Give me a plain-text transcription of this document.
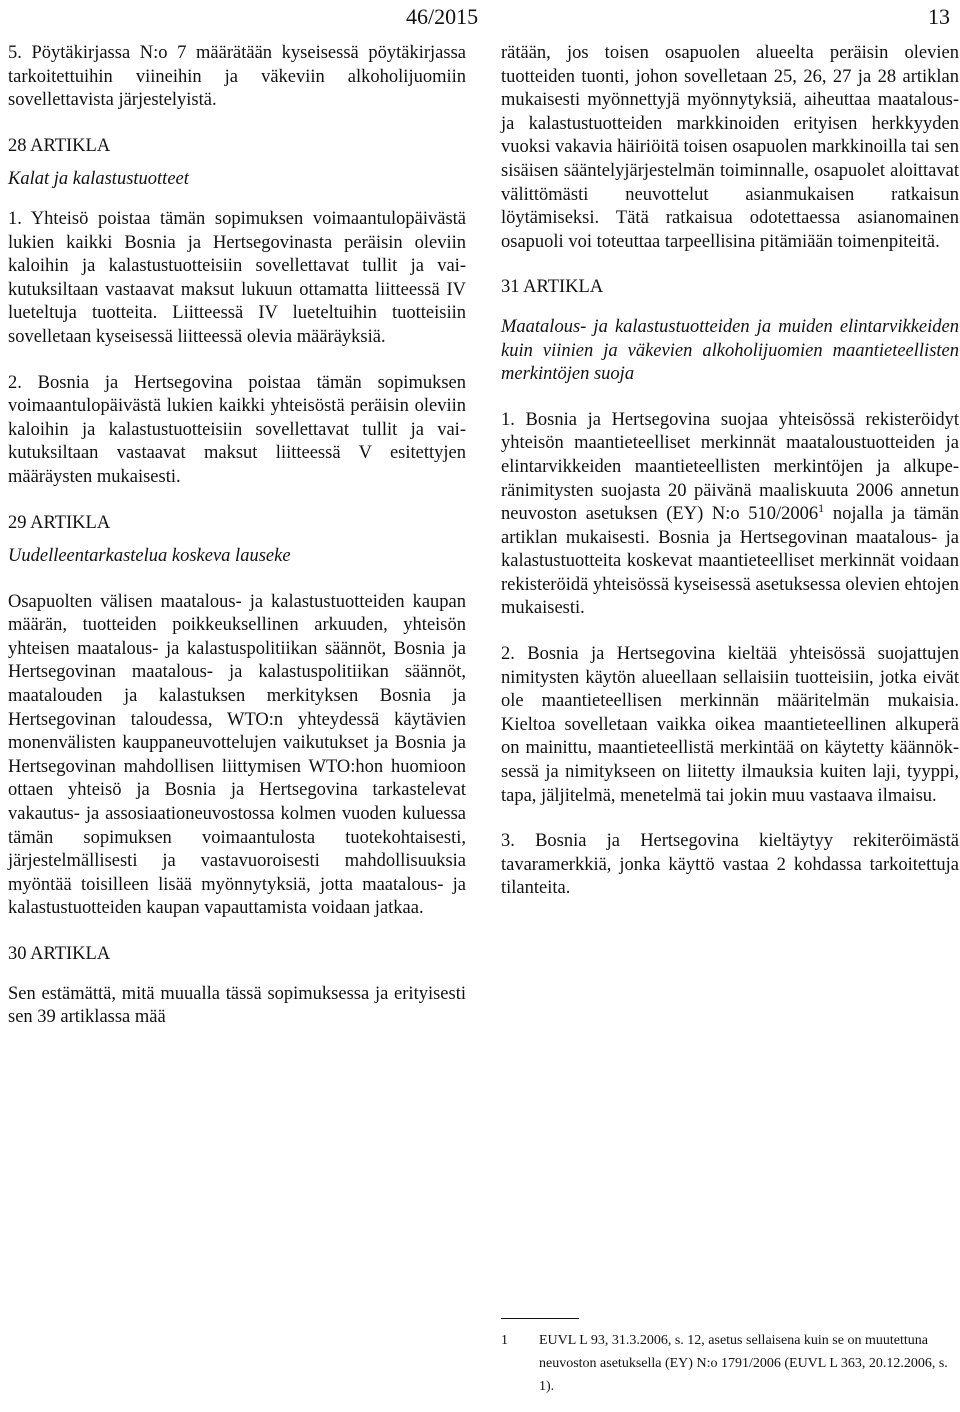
46/2015	13

5. Pöytäkirjassa N:o 7 määrätään kyseisessä pöytäkirjassa tarkoitettuihin viineihin ja väkeviin alkoholijuomiin sovellettavista järjestelyistä.

28 ARTIKLA

Kalat ja kalastustuotteet

1. Yhteisö poistaa tämän sopimuksen voimaantulopäivästä lukien kaikki Bosnia ja Hertsegovinasta peräisin oleviin kaloihin ja kalastustuotteisiin sovellettavat tullit ja vaikutuksiltaan vastaavat maksut lukuun ottamatta liitteessä IV lueteltuja tuotteita. Liitteessä IV lueteltuihin tuotteisiin sovelletaan kyseisessä liitteessä olevia määräyksiä.

2. Bosnia ja Hertsegovina poistaa tämän sopimuksen voimaantulopäivästä lukien kaikki yhteisöstä peräisin oleviin kaloihin ja kalastustuotteisiin sovellettavat tullit ja vaikutuksiltaan vastaavat maksut liitteessä V esitettyjen määräysten mukaisesti.

29 ARTIKLA

Uudelleentarkastelua koskeva lauseke

Osapuolten välisen maatalous- ja kalastustuotteiden kaupan määrän, tuotteiden poikkeuksellinen arkuuden, yhteisön yhteisen maatalous- ja kalastuspolitiikan säännöt, Bosnia ja Hertsegovinan maatalous- ja kalastuspolitiikan säännöt, maatalouden ja kalastuksen merkityksen Bosnia ja Hertsegovinan taloudessa, WTO:n yhteydessä käytävien monenvälisten kauppaneuvottelujen vaikutukset ja Bosnia ja Hertsegovinan mahdollisen liittymisen WTO:hon huomioon ottaen yhteisö ja Bosnia ja Hertsegovina tarkastelevat vakautus- ja assosiaationeuvostossa kolmen vuoden kuluessa tämän sopimuksen voimaantulosta tuotekohtaisesti, järjestelmällisesti ja vastavuoroisesti mahdollisuuksia myöntää toisilleen lisää myönnytyksiä, jotta maatalous- ja kalastustuotteiden kaupan vapauttamista voidaan jatkaa.

30 ARTIKLA

Sen estämättä, mitä muualla tässä sopimuksessa ja erityisesti sen 39 artiklassa mää

rätään, jos toisen osapuolen alueelta peräisin olevien tuotteiden tuonti, johon sovelletaan 25, 26, 27 ja 28 artiklan mukaisesti myönnettyjä myönnytyksiä, aiheuttaa maatalous- ja kalastustuotteiden markkinoiden erityisen herkkyyden vuoksi vakavia häiriöitä toisen osapuolen markkinoilla tai sen sisäisen sääntelyjärjestelmän toiminnalle, osapuolet aloittavat välittömästi neuvottelut asianmukaisen ratkaisun löytämiseksi. Tätä ratkaisua odotettaessa asianomainen osapuoli voi toteuttaa tarpeellisina pitämiään toimenpiteitä.

31 ARTIKLA

Maatalous- ja kalastustuotteiden ja muiden elintarvikkeiden kuin viinien ja väkevien alkoholijuomien maantieteellisten merkintöjen suoja

1. Bosnia ja Hertsegovina suojaa yhteisössä rekisteröidyt yhteisön maantieteelliset merkinnät maataloustuotteiden ja elintarvikkeiden maantieteellisten merkintöjen ja alkuperänimitysten suojasta 20 päivänä maaliskuuta 2006 annetun neuvoston asetuksen (EY) N:o 510/2006$^1$ nojalla ja tämän artiklan mukaisesti. Bosnia ja Hertsegovinan maatalous- ja kalastustuotteita koskevat maantieteelliset merkinnät voidaan rekisteröidä yhteisössä kyseisessä asetuksessa olevien ehtojen mukaisesti.

2. Bosnia ja Hertsegovina kieltää yhteisössä suojattujen nimitysten käytön alueellaan sellaisiin tuotteisiin, jotka eivät ole maantieteellisen merkinnän määritelmän mukaisia. Kieltoa sovelletaan vaikka oikea maantieteellinen alkuperä on mainittu, maantieteellistä merkintää on käytetty käännöksessä ja nimitykseen on liitetty ilmauksia kuiten laji, tyyppi, tapa, jäljitelmä, menetelmä tai jokin muu vastaava ilmaisu.

3. Bosnia ja Hertsegovina kieltäytyy rekiteröimästä tavaramerkkiä, jonka käyttö vastaa 2 kohdassa tarkoitettuja tilanteita.

1	EUVL L 93, 31.3.2006, s. 12, asetus sellaisena kuin se on muutettuna neuvoston asetuksella (EY) N:o 1791/2006 (EUVL L 363, 20.12.2006, s. 1).
